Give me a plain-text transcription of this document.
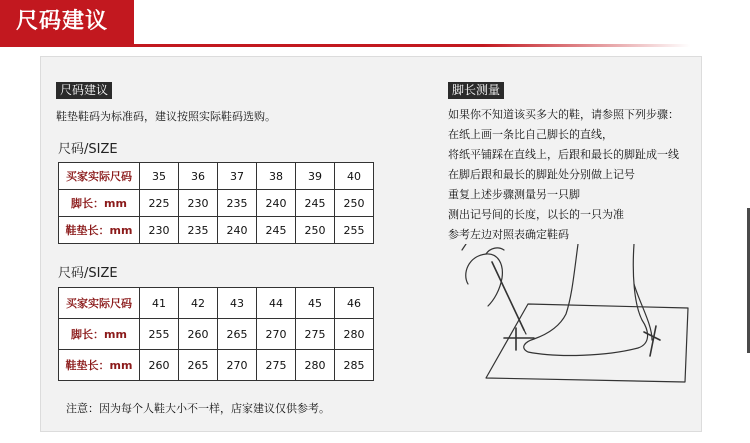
尺码建议
尺码建议
鞋垫鞋码为标准码，建议按照实际鞋码选购。
尺码/SIZE
买家实际尺码	35	36	37	38	39	40
脚长：mm	225	230	235	240	245	250
鞋垫长：mm	230	235	240	245	250	255
尺码/SIZE
买家实际尺码	41	42	43	44	45	46
脚长：mm	255	260	265	270	275	280
鞋垫长：mm	260	265	270	275	280	285
注意：因为每个人鞋大小不一样，店家建议仅供参考。
脚长测量
如果你不知道该买多大的鞋，请参照下列步骤：
在纸上画一条比自己脚长的直线，
将纸平铺踩在直线上，后跟和最长的脚趾成一线
在脚后跟和最长的脚趾处分别做上记号
重复上述步骤测量另一只脚
测出记号间的长度，以长的一只为准
参考左边对照表确定鞋码
